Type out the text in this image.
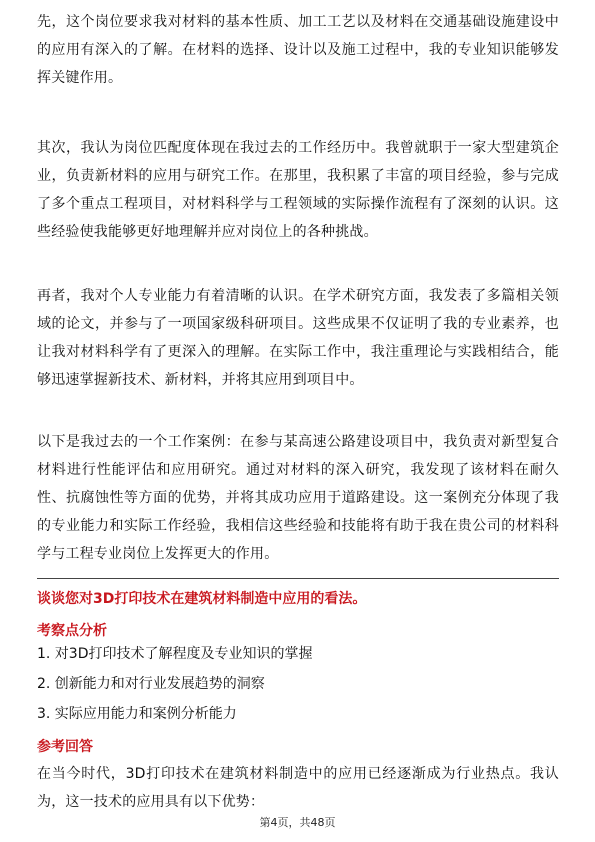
先，这个岗位要求我对材料的基本性质、加工工艺以及材料在交通基础设施建设中的应用有深入的了解。在材料的选择、设计以及施工过程中，我的专业知识能够发挥关键作用。

其次，我认为岗位匹配度体现在我过去的工作经历中。我曾就职于一家大型建筑企业，负责新材料的应用与研究工作。在那里，我积累了丰富的项目经验，参与完成了多个重点工程项目，对材料科学与工程领域的实际操作流程有了深刻的认识。这些经验使我能够更好地理解并应对岗位上的各种挑战。

再者，我对个人专业能力有着清晰的认识。在学术研究方面，我发表了多篇相关领域的论文，并参与了一项国家级科研项目。这些成果不仅证明了我的专业素养，也让我对材料科学有了更深入的理解。在实际工作中，我注重理论与实践相结合，能够迅速掌握新技术、新材料，并将其应用到项目中。

以下是我过去的一个工作案例：在参与某高速公路建设项目中，我负责对新型复合材料进行性能评估和应用研究。通过对材料的深入研究，我发现了该材料在耐久性、抗腐蚀性等方面的优势，并将其成功应用于道路建设。这一案例充分体现了我的专业能力和实际工作经验，我相信这些经验和技能将有助于我在贵公司的材料科学与工程专业岗位上发挥更大的作用。

谈谈您对3D打印技术在建筑材料制造中应用的看法。
考察点分析
1. 对3D打印技术了解程度及专业知识的掌握
2. 创新能力和对行业发展趋势的洞察
3. 实际应用能力和案例分析能力
参考回答

在当今时代，3D打印技术在建筑材料制造中的应用已经逐渐成为行业热点。我认为，这一技术的应用具有以下优势：

第4页，共48页
